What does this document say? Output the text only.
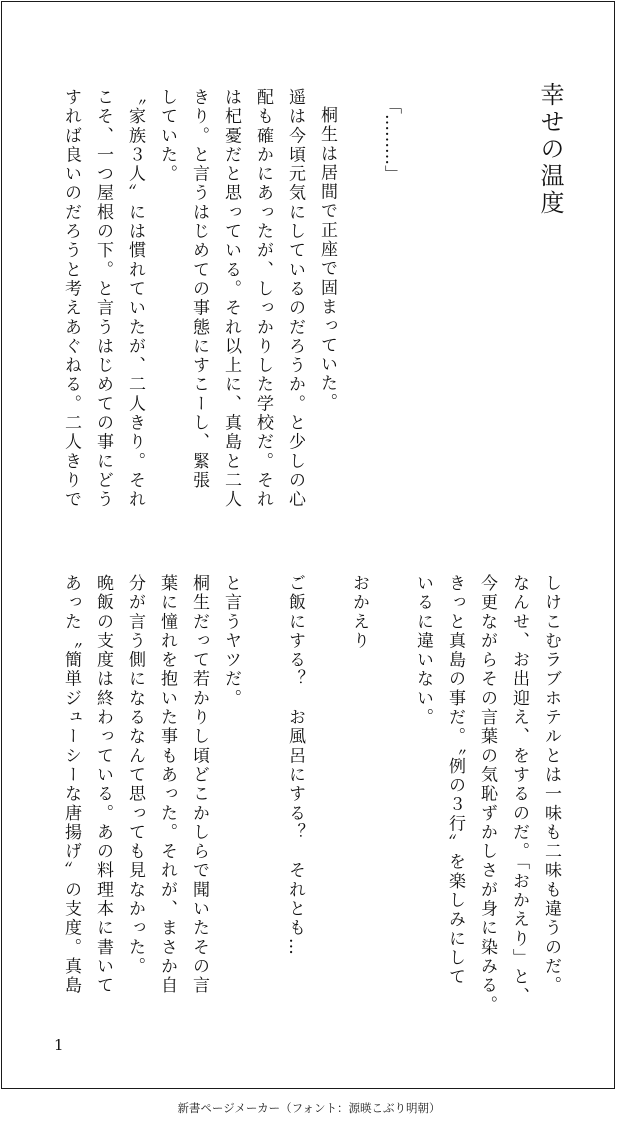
幸せの温度
「………」
桐生は居間で正座で固まっていた。
遥は今頃元気にしているのだろうか。と少しの心
配も確かにあったが、しっかりした学校だ。それ
は杞憂だと思っている。それ以上に、真島と二人
きり。と言うはじめての事態にすこーし、緊張
していた。
〝家族３人〟には慣れていたが、二人きり。それ
こそ、一つ屋根の下。と言うはじめての事にどう
すれば良いのだろうと考えあぐねる。二人きりで
しけこむラブホテルとは一味も二味も違うのだ。
なんせ、お出迎え、をするのだ。「おかえり」と、
今更ながらその言葉の気恥ずかしさが身に染みる。
きっと真島の事だ。〝例の３行〟を楽しみにして
いるに違いない。
おかえり
ご飯にする？　お風呂にする？　それとも…
と言うヤツだ。
桐生だって若かりし頃どこかしらで聞いたその言
葉に憧れを抱いた事もあった。それが、まさか自
分が言う側になるなんて思っても見なかった。
晩飯の支度は終わっている。あの料理本に書いて
あった〝簡単ジューシーな唐揚げ〟の支度。真島
1
新書ページメーカー（フォント：源暎こぶり明朝）
